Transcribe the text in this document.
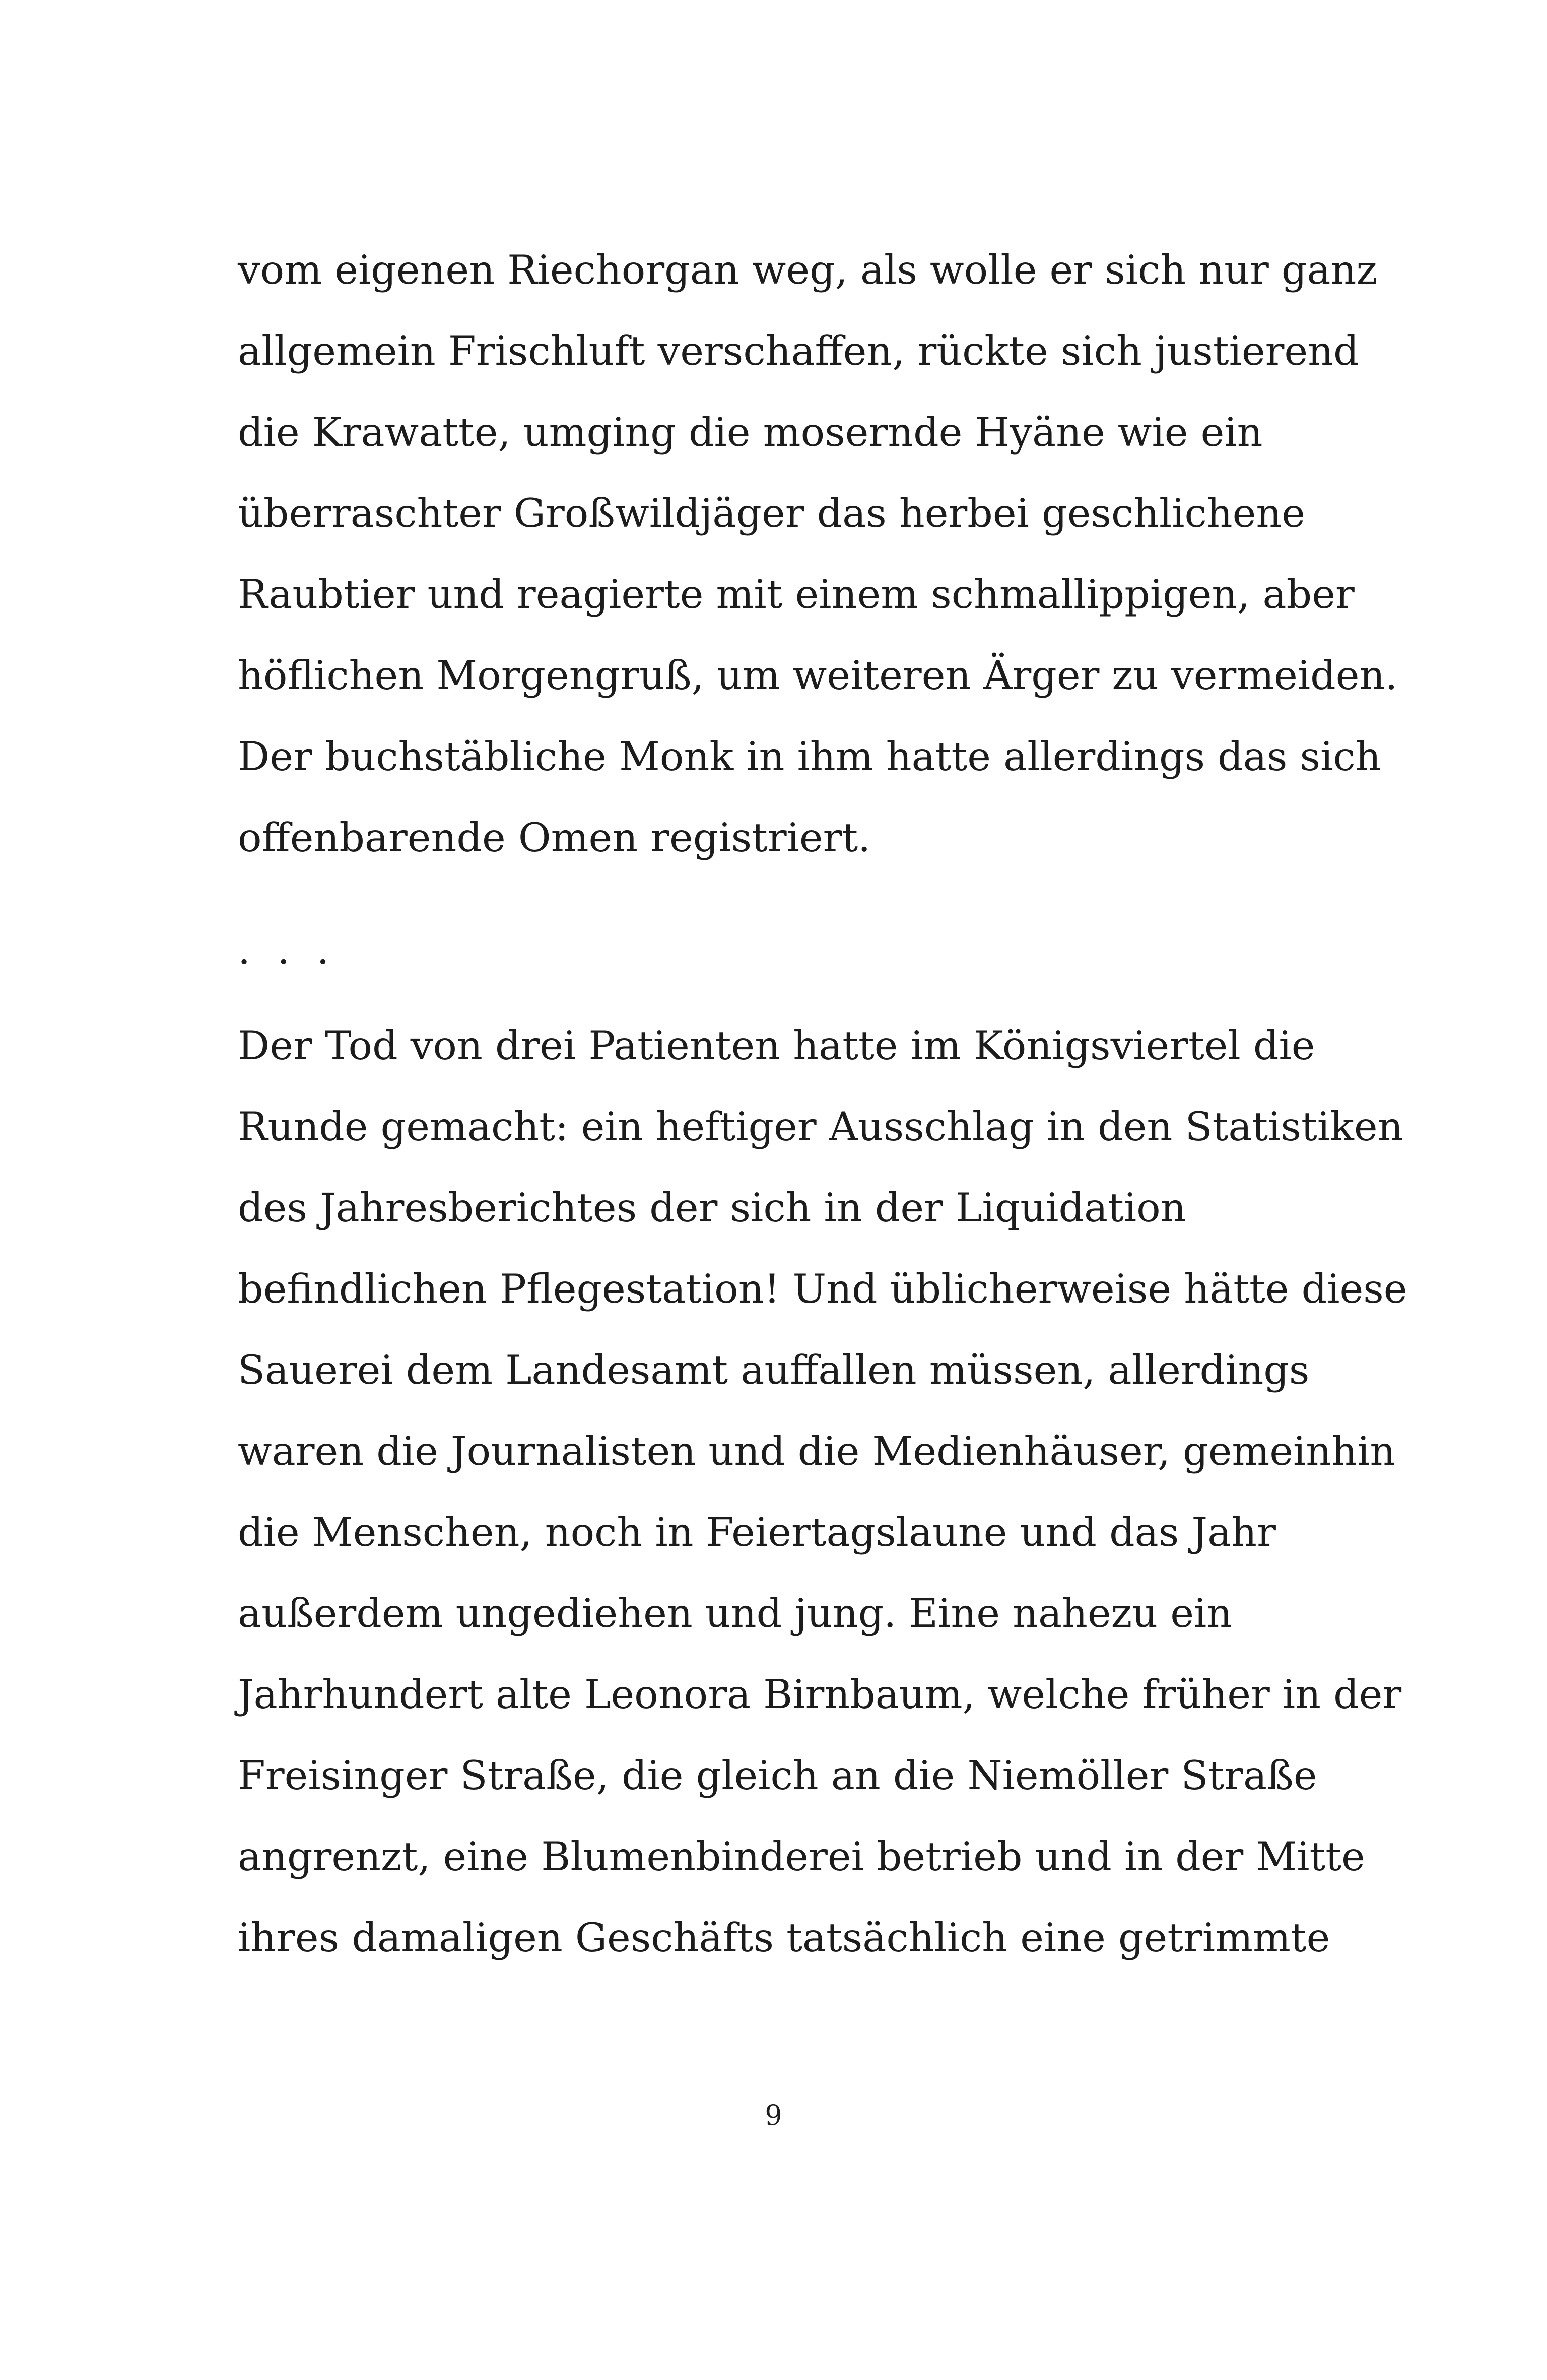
vom eigenen Riechorgan weg, als wolle er sich nur ganz
allgemein Frischluft verschaffen, rückte sich justierend
die Krawatte, umging die mosernde Hyäne wie ein
überraschter Großwildjäger das herbei geschlichene
Raubtier und reagierte mit einem schmallippigen, aber
höflichen Morgengruß, um weiteren Ärger zu vermeiden.
Der buchstäbliche Monk in ihm hatte allerdings das sich
offenbarende Omen registriert.

. . .

Der Tod von drei Patienten hatte im Königsviertel die
Runde gemacht: ein heftiger Ausschlag in den Statistiken
des Jahresberichtes der sich in der Liquidation
befindlichen Pflegestation! Und üblicherweise hätte diese
Sauerei dem Landesamt auffallen müssen, allerdings
waren die Journalisten und die Medienhäuser, gemeinhin
die Menschen, noch in Feiertagslaune und das Jahr
außerdem ungediehen und jung. Eine nahezu ein
Jahrhundert alte Leonora Birnbaum, welche früher in der
Freisinger Straße, die gleich an die Niemöller Straße
angrenzt, eine Blumenbinderei betrieb und in der Mitte
ihres damaligen Geschäfts tatsächlich eine getrimmte

9
